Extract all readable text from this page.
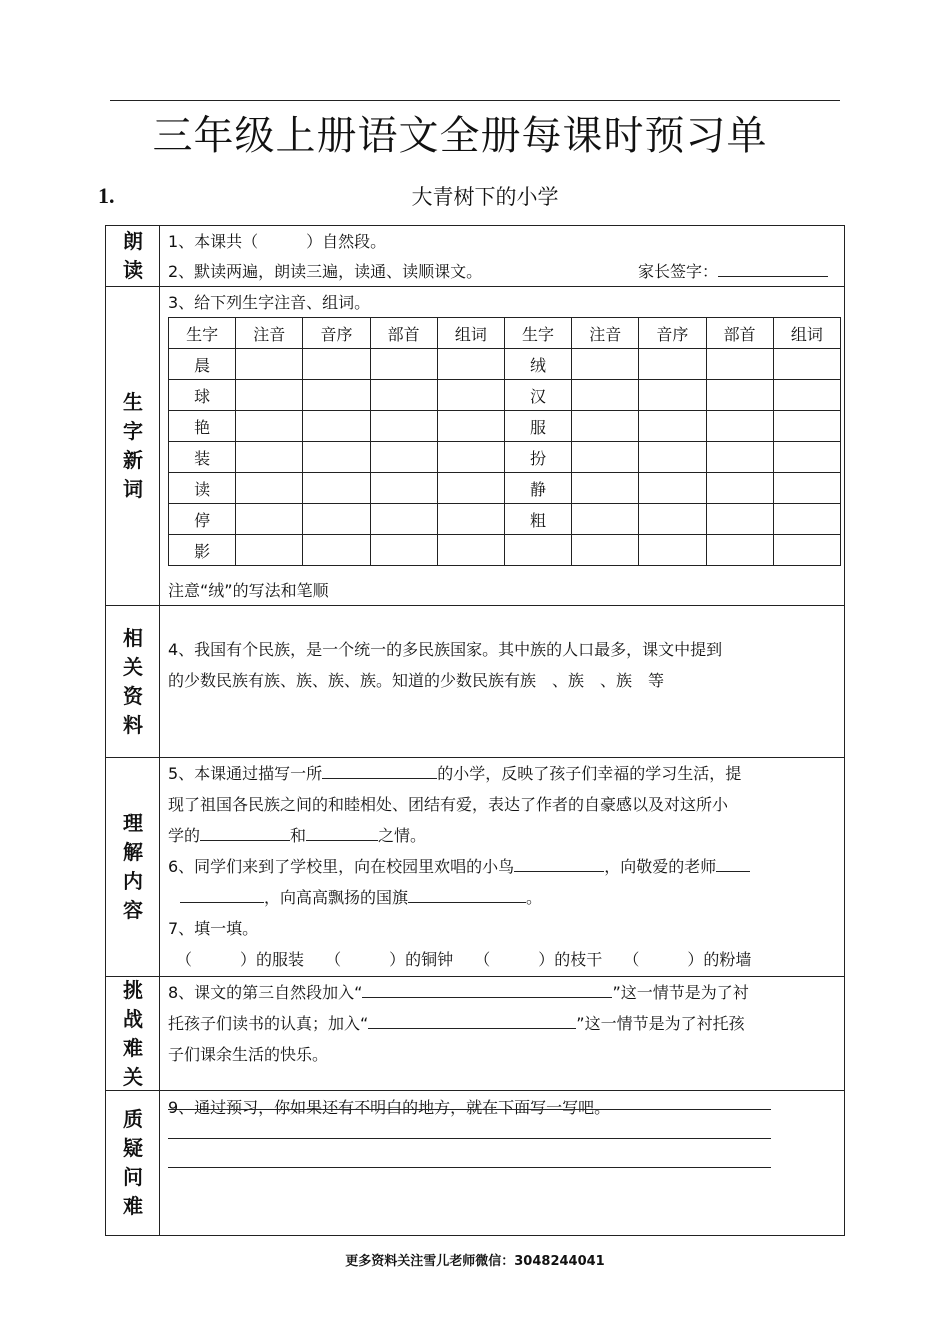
三年级上册语文全册每课时预习单
1.	大青树下的小学
朗
读
1、本课共（　　　）自然段。
2、默读两遍，朗读三遍，读通、读顺课文。	家长签字：
生
字
新
词
3、给下列生字注音、组词。
生字	注音	音序	部首	组词	生字	注音	音序	部首	组词
晨					绒				
球					汉				
艳					服				
装					扮				
读					静				
停					粗				
影									
注意“绒”的写法和笔顺
相
关
资
料
4、我国有个民族，是一个统一的多民族国家。其中族的人口最多，课文中提到
的少数民族有族、族、族、族。知道的少数民族有族　、族　、族　等
理
解
内
容
5、本课通过描写一所	的小学，反映了孩子们幸福的学习生活，提
现了祖国各民族之间的和睦相处、团结有爱，表达了作者的自豪感以及对这所小
学的	和	之情。
6、同学们来到了学校里，向在校园里欢唱的小鸟	，向敬爱的老师
，向高高飘扬的国旗	。
7、填一填。
（　　　）的服装 （　　　）的铜钟 （　　　）的枝干 （　　　）的粉墙
挑
战
难
关
8、课文的第三自然段加入“	”这一情节是为了衬
托孩子们读书的认真；加入“	”这一情节是为了衬托孩
子们课余生活的快乐。
质
疑
问
难
9、通过预习，你如果还有不明白的地方，就在下面写一写吧。
更多资料关注雪儿老师微信：3048244041
